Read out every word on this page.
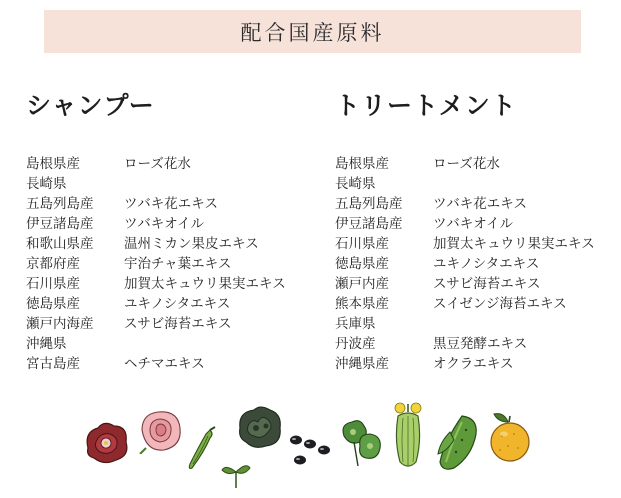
配合国産原料
シャンプー
島根県産	ローズ花水
長崎県
五島列島産	ツバキ花エキス
伊豆諸島産	ツバキオイル
和歌山県産	温州ミカン果皮エキス
京都府産	宇治チャ葉エキス
石川県産	加賀太キュウリ果実エキス
徳島県産	ユキノシタエキス
瀬戸内海産	スサビ海苔エキス
沖縄県
宮古島産	ヘチマエキス
トリートメント
島根県産	ローズ花水
長崎県
五島列島産	ツバキ花エキス
伊豆諸島産	ツバキオイル
石川県産	加賀太キュウリ果実エキス
徳島県産	ユキノシタエキス
瀬戸内産	スサビ海苔エキス
熊本県産	スイゼンジ海苔エキス
兵庫県
丹波産	黒豆発酵エキス
沖縄県産	オクラエキス
